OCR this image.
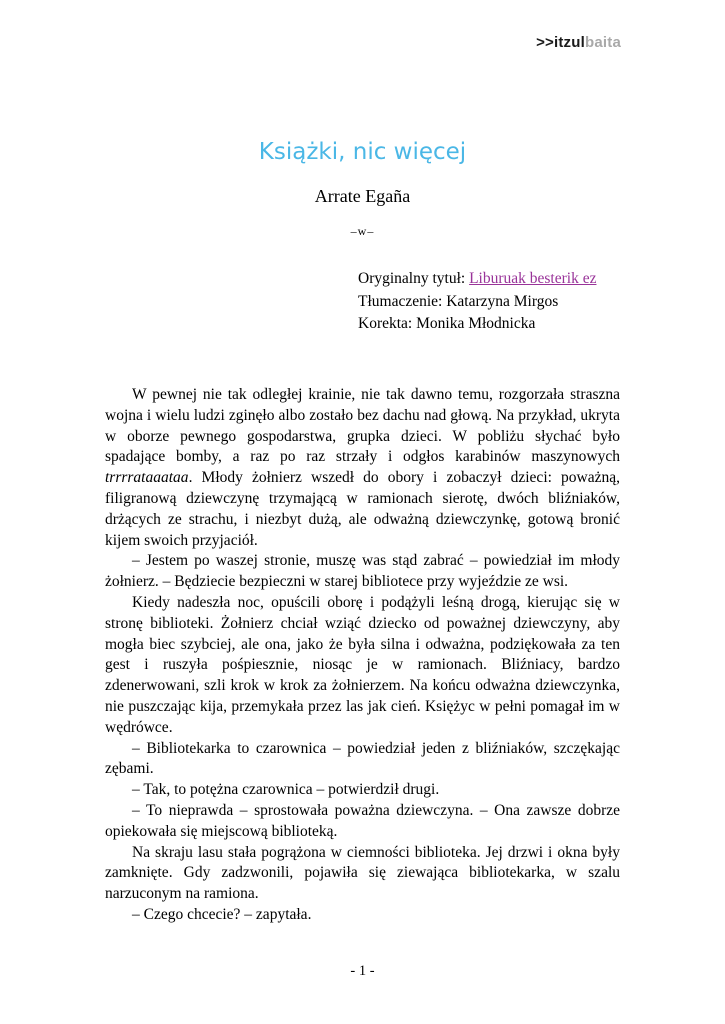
>>itzulbaita
Książki, nic więcej
Arrate Egaña
–w–
Oryginalny tytuł: Liburuak besterik ez
Tłumaczenie: Katarzyna Mirgos
Korekta: Monika Młodnicka

W pewnej nie tak odległej krainie, nie tak dawno temu, rozgorzała straszna wojna i wielu ludzi zginęło albo zostało bez dachu nad głową. Na przykład, ukryta w oborze pewnego gospodarstwa, grupka dzieci. W pobliżu słychać było spadające bomby, a raz po raz strzały i odgłos karabinów maszynowych trrrrataaataa. Młody żołnierz wszedł do obory i zobaczył dzieci: poważną, filigranową dziewczynę trzymającą w ramionach sierotę, dwóch bliźniaków, drżących ze strachu, i niezbyt dużą, ale odważną dziewczynkę, gotową bronić kijem swoich przyjaciół.

– Jestem po waszej stronie, muszę was stąd zabrać – powiedział im młody żołnierz. – Będziecie bezpieczni w starej bibliotece przy wyjeździe ze wsi.

Kiedy nadeszła noc, opuścili oborę i podążyli leśną drogą, kierując się w stronę biblioteki. Żołnierz chciał wziąć dziecko od poważnej dziewczyny, aby mogła biec szybciej, ale ona, jako że była silna i odważna, podziękowała za ten gest i ruszyła pośpiesznie, niosąc je w ramionach. Bliźniacy, bardzo zdenerwowani, szli krok w krok za żołnierzem. Na końcu odważna dziewczynka, nie puszczając kija, przemykała przez las jak cień. Księżyc w pełni pomagał im w wędrówce.

– Bibliotekarka to czarownica – powiedział jeden z bliźniaków, szczękając zębami.

– Tak, to potężna czarownica – potwierdził drugi.

– To nieprawda – sprostowała poważna dziewczyna. – Ona zawsze dobrze opiekowała się miejscową biblioteką.

Na skraju lasu stała pogrążona w ciemności biblioteka. Jej drzwi i okna były zamknięte. Gdy zadzwonili, pojawiła się ziewająca bibliotekarka, w szalu narzuconym na ramiona.

– Czego chcecie? – zapytała.

- 1 -
